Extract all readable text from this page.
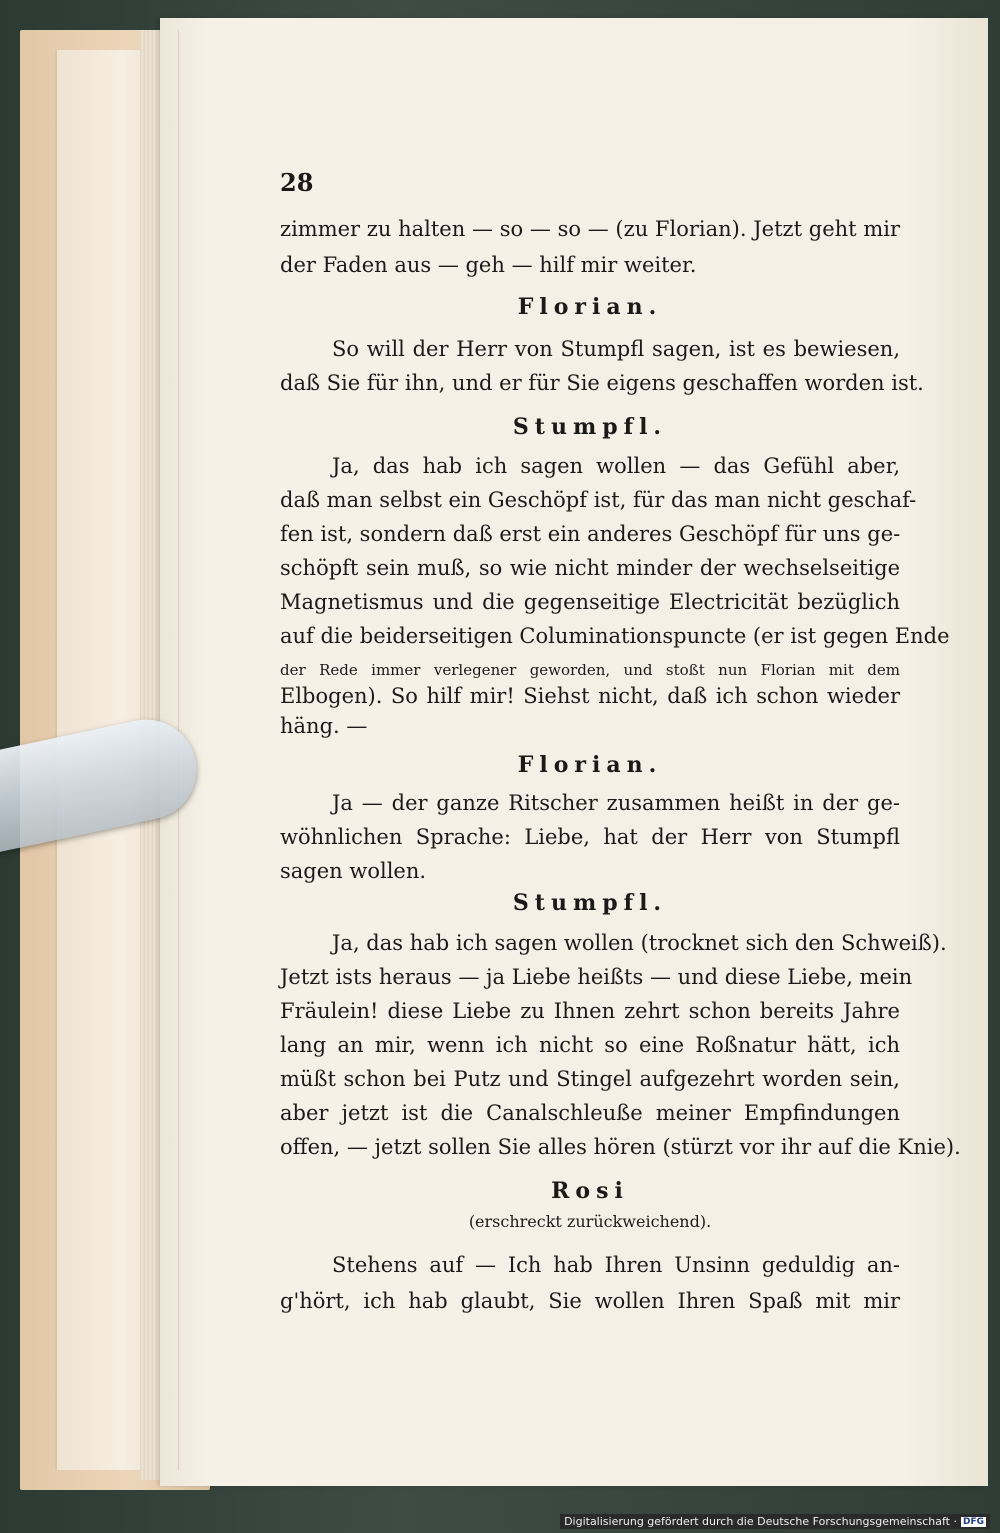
28
zimmer zu halten — so — so — (zu Florian). Jetzt geht mir
der Faden aus — geh — hilf mir weiter.
Florian.
So will der Herr von Stumpfl sagen, ist es bewiesen,
daß Sie für ihn, und er für Sie eigens geschaffen worden ist.
Stumpfl.
Ja, das hab ich sagen wollen — das Gefühl aber,
daß man selbst ein Geschöpf ist, für das man nicht geschaf-
fen ist, sondern daß erst ein anderes Geschöpf für uns ge-
schöpft sein muß, so wie nicht minder der wechselseitige
Magnetismus und die gegenseitige Electricität bezüglich
auf die beiderseitigen Columinationspuncte (er ist gegen Ende
der Rede immer verlegener geworden, und stoßt nun Florian mit dem
Elbogen). So hilf mir! Siehst nicht, daß ich schon wieder
häng. —
Florian.
Ja — der ganze Ritscher zusammen heißt in der ge-
wöhnlichen Sprache: Liebe, hat der Herr von Stumpfl
sagen wollen.
Stumpfl.
Ja, das hab ich sagen wollen (trocknet sich den Schweiß).
Jetzt ists heraus — ja Liebe heißts — und diese Liebe, mein
Fräulein! diese Liebe zu Ihnen zehrt schon bereits Jahre
lang an mir, wenn ich nicht so eine Roßnatur hätt, ich
müßt schon bei Putz und Stingel aufgezehrt worden sein,
aber jetzt ist die Canalschleuße meiner Empfindungen
offen, — jetzt sollen Sie alles hören (stürzt vor ihr auf die Knie).
Rosi
(erschreckt zurückweichend).
Stehens auf — Ich hab Ihren Unsinn geduldig an-
g'hört, ich hab glaubt, Sie wollen Ihren Spaß mit mir
Digitalisierung gefördert durch die Deutsche Forschungsgemeinschaft · DFG
